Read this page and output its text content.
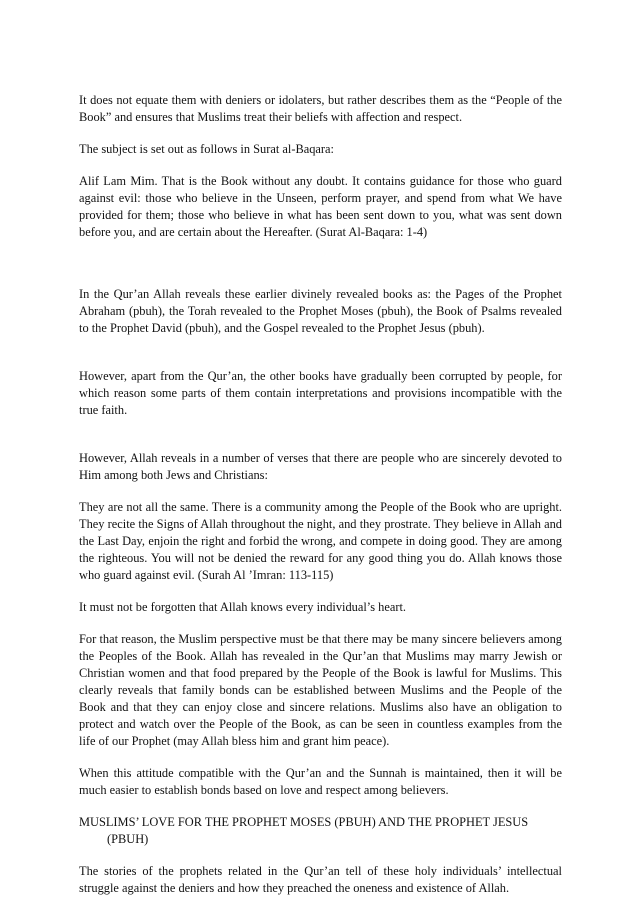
It does not equate them with deniers or idolaters, but rather describes them as the “People of the Book” and ensures that Muslims treat their beliefs with affection and respect.

The subject is set out as follows in Surat al-Baqara:

Alif Lam Mim. That is the Book without any doubt. It contains guidance for those who guard against evil: those who believe in the Unseen, perform prayer, and spend from what We have provided for them; those who believe in what has been sent down to you, what was sent down before you, and are certain about the Hereafter. (Surat Al-Baqara: 1-4)

In the Qur’an Allah reveals these earlier divinely revealed books as: the Pages of the Prophet Abraham (pbuh), the Torah revealed to the Prophet Moses (pbuh), the Book of Psalms revealed to the Prophet David (pbuh), and the Gospel revealed to the Prophet Jesus (pbuh).

However, apart from the Qur’an, the other books have gradually been corrupted by people, for which reason some parts of them contain interpretations and provisions incompatible with the true faith.

However, Allah reveals in a number of verses that there are people who are sincerely devoted to Him among both Jews and Christians:

They are not all the same. There is a community among the People of the Book who are upright. They recite the Signs of Allah throughout the night, and they prostrate. They believe in Allah and the Last Day, enjoin the right and forbid the wrong, and compete in doing good. They are among the righteous. You will not be denied the reward for any good thing you do. Allah knows those who guard against evil. (Surah Al ’Imran: 113-115)

It must not be forgotten that Allah knows every individual’s heart.

For that reason, the Muslim perspective must be that there may be many sincere believers among the Peoples of the Book. Allah has revealed in the Qur’an that Muslims may marry Jewish or Christian women and that food prepared by the People of the Book is lawful for Muslims. This clearly reveals that family bonds can be established between Muslims and the People of the Book and that they can enjoy close and sincere relations. Muslims also have an obligation to protect and watch over the People of the Book, as can be seen in countless examples from the life of our Prophet (may Allah bless him and grant him peace).

When this attitude compatible with the Qur’an and the Sunnah is maintained, then it will be much easier to establish bonds based on love and respect among believers.

MUSLIMS’ LOVE FOR THE PROPHET MOSES (PBUH) AND THE PROPHET JESUS (PBUH)

The stories of the prophets related in the Qur’an tell of these holy individuals’ intellectual struggle against the deniers and how they preached the oneness and existence of Allah.
